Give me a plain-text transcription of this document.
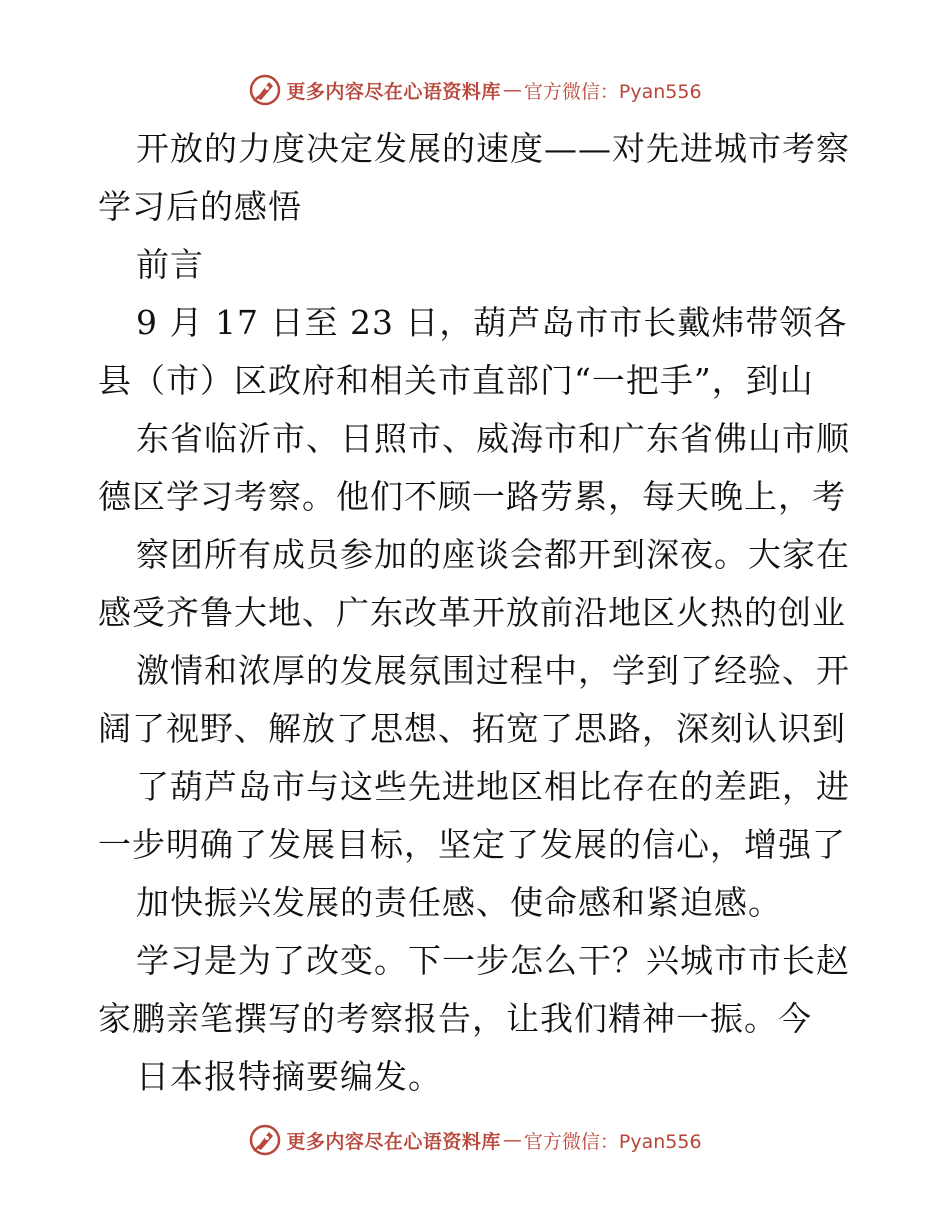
更多内容尽在心语资料库 — 官方微信：Pyan556
开放的力度决定发展的速度——对先进城市考察
学习后的感悟
前言
9 月 17 日至 23 日，葫芦岛市市长戴炜带领各
县（市）区政府和相关市直部门“一把手”，到山
东省临沂市、日照市、威海市和广东省佛山市顺
德区学习考察。他们不顾一路劳累，每天晚上，考
察团所有成员参加的座谈会都开到深夜。大家在
感受齐鲁大地、广东改革开放前沿地区火热的创业
激情和浓厚的发展氛围过程中，学到了经验、开
阔了视野、解放了思想、拓宽了思路，深刻认识到
了葫芦岛市与这些先进地区相比存在的差距，进
一步明确了发展目标，坚定了发展的信心，增强了
加快振兴发展的责任感、使命感和紧迫感。
学习是为了改变。下一步怎么干？兴城市市长赵
家鹏亲笔撰写的考察报告，让我们精神一振。今
日本报特摘要编发。
更多内容尽在心语资料库 — 官方微信：Pyan556
